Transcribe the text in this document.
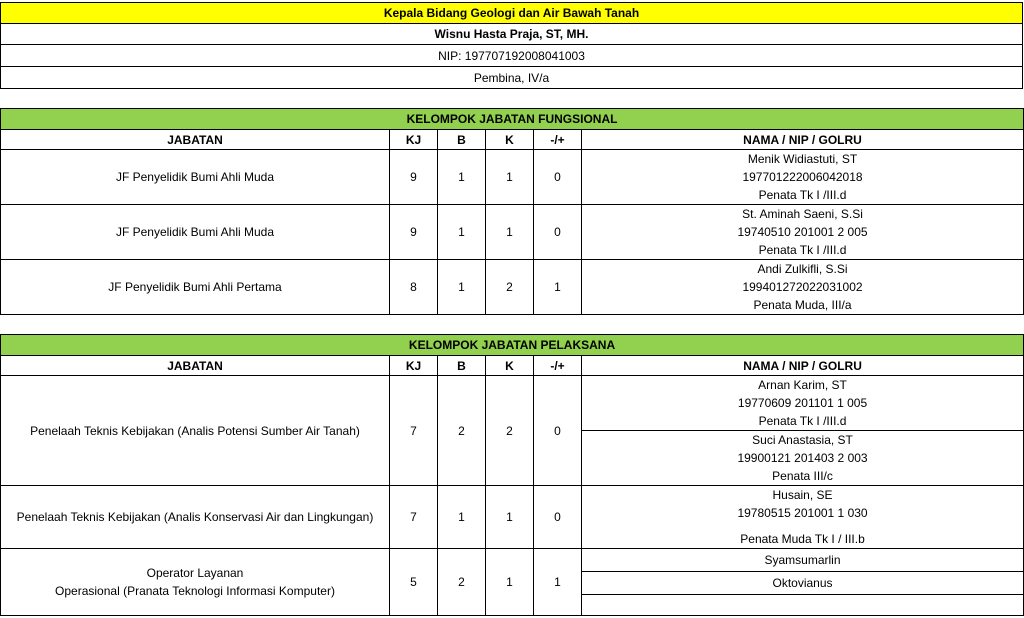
Kepala Bidang Geologi dan Air Bawah Tanah
Wisnu Hasta Praja, ST, MH.
NIP: 197707192008041003
Pembina, IV/a
KELOMPOK JABATAN FUNGSIONAL					
JABATAN	KJ	B	K	-/+	NAMA / NIP / GOLRU
JF Penyelidik Bumi Ahli Muda	9	1	1	0	Menik Widiastuti, ST
197701222006042018
Penata Tk I /III.d

JF Penyelidik Bumi Ahli Muda	9	1	1	0	St. Aminah Saeni, S.Si
19740510 201001 2 005
Penata Tk I /III.d

JF Penyelidik Bumi Ahli Pertama	8	1	2	1	Andi Zulkifli, S.Si
199401272022031002
Penata Muda, III/a
KELOMPOK JABATAN PELAKSANA					
JABATAN	KJ	B	K	-/+	NAMA / NIP / GOLRU
Penelaah Teknis Kebijakan (Analis Potensi Sumber Air Tanah)	7	2	2	0	Arnan Karim, ST
19770609 201101 1 005
Penata Tk I /III.d

					Suci Anastasia, ST
19900121 201403 2 003
Penata III/c

Penelaah Teknis Kebijakan (Analis Konservasi Air dan Lingkungan)	7	1	1	0	Husain, SE
19780515 201001 1 030
Penata Muda Tk I / III.b

Operator Layanan
Operasional (Pranata Teknologi Informasi Komputer)	5	2	1	1	Syamsumarlin
					Oktovianus
